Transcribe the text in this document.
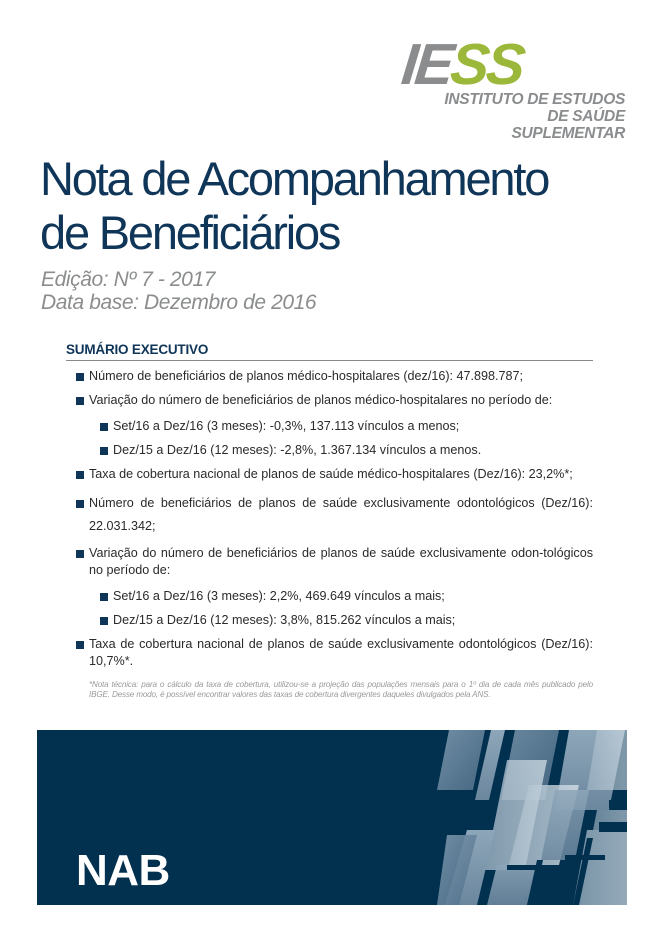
IESS
INSTITUTO DE ESTUDOS
DE SAÚDE SUPLEMENTAR
Nota de Acompanhamento
de Beneficiários
Edição: Nº 7 - 2017
Data base: Dezembro de 2016
SUMÁRIO EXECUTIVO
Número de beneficiários de planos médico-hospitalares (dez/16): 47.898.787;
Variação do número de beneficiários de planos médico-hospitalares no período de:
Set/16 a Dez/16 (3 meses): -0,3%, 137.113 vínculos a menos;
Dez/15 a Dez/16 (12 meses): -2,8%, 1.367.134 vínculos a menos.
Taxa de cobertura nacional de planos de saúde médico-hospitalares (Dez/16): 23,2%*;
Número de beneficiários de planos de saúde exclusivamente odontológicos (Dez/16): 22.031.342;
Variação do número de beneficiários de planos de saúde exclusivamente odon-tológicos no período de:
Set/16 a Dez/16 (3 meses): 2,2%, 469.649 vínculos a mais;
Dez/15 a Dez/16 (12 meses): 3,8%, 815.262 vínculos a mais;
Taxa de cobertura nacional de planos de saúde exclusivamente odontológicos (Dez/16): 10,7%*.
*Nota técnica: para o cálculo da taxa de cobertura, utilizou-se a projeção das populações mensais para o 1º dia de cada mês publicado pelo IBGE. Desse modo, é possível encontrar valores das taxas de cobertura divergentes daqueles divulgados pela ANS.
NAB
